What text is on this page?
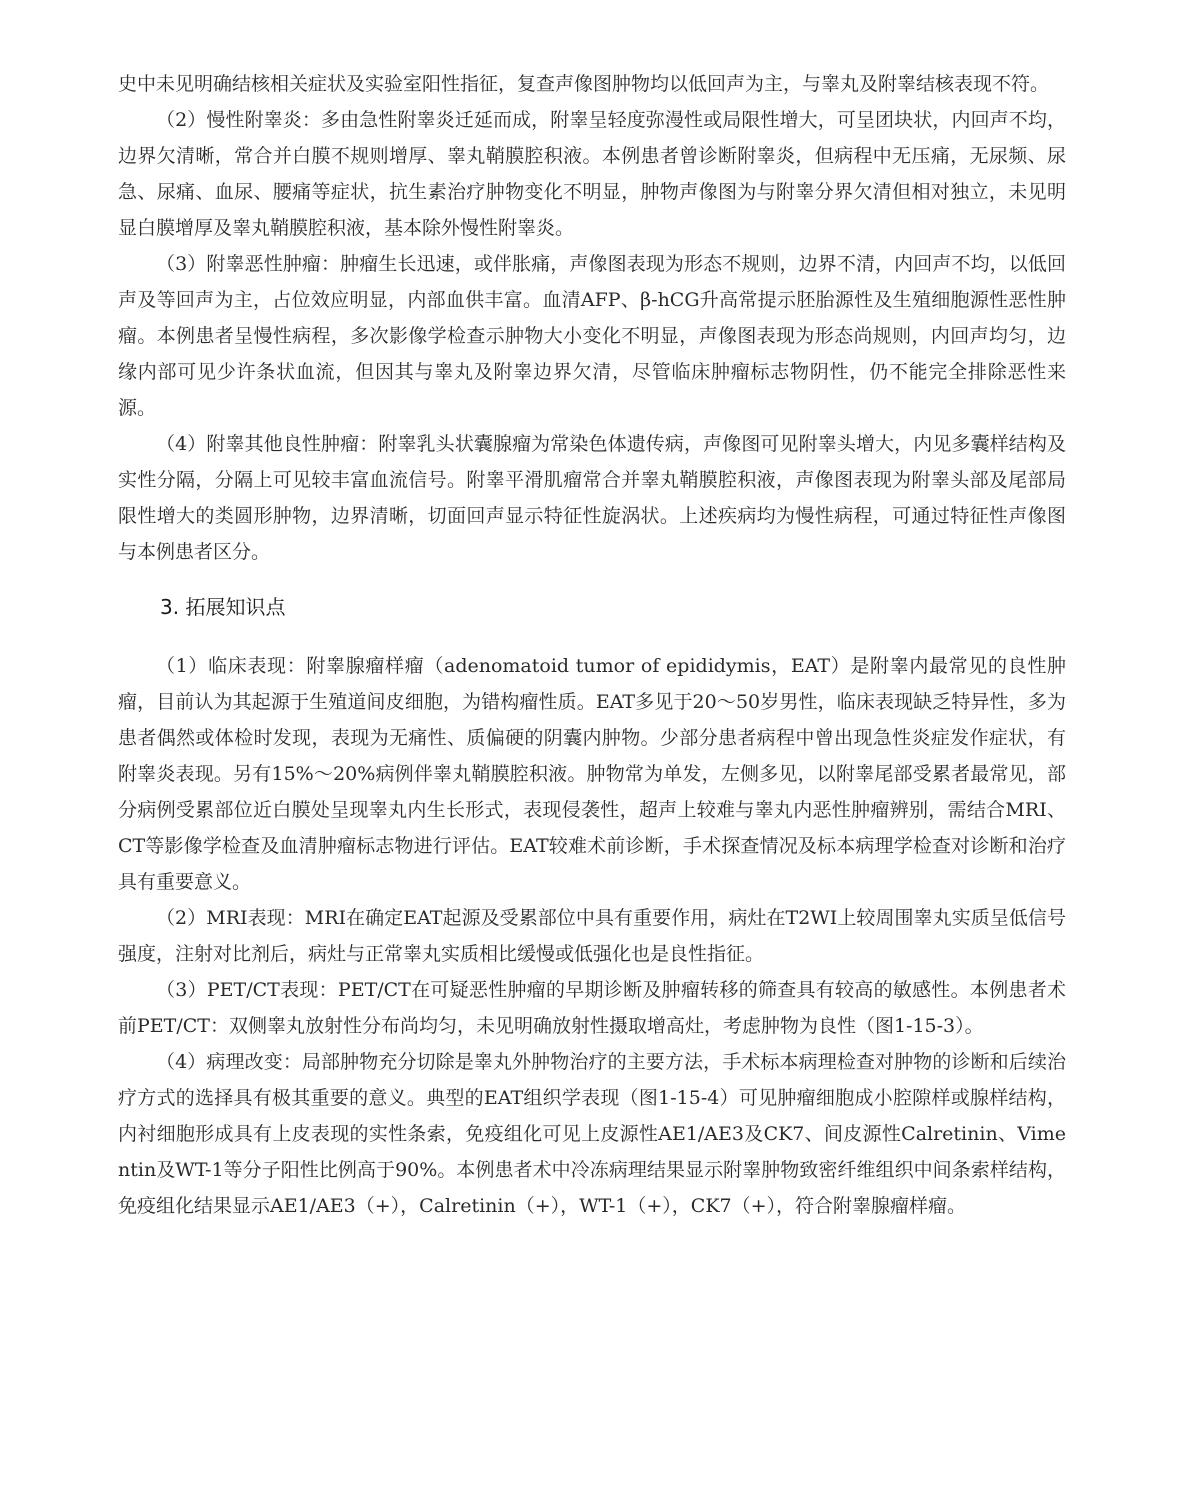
史中未见明确结核相关症状及实验室阳性指征，复查声像图肿物均以低回声为主，与睾丸及附睾结核表现不符。

（2）慢性附睾炎：多由急性附睾炎迁延而成，附睾呈轻度弥漫性或局限性增大，可呈团块状，内回声不均，边界欠清晰，常合并白膜不规则增厚、睾丸鞘膜腔积液。本例患者曾诊断附睾炎，但病程中无压痛，无尿频、尿急、尿痛、血尿、腰痛等症状，抗生素治疗肿物变化不明显，肿物声像图为与附睾分界欠清但相对独立，未见明显白膜增厚及睾丸鞘膜腔积液，基本除外慢性附睾炎。

（3）附睾恶性肿瘤：肿瘤生长迅速，或伴胀痛，声像图表现为形态不规则，边界不清，内回声不均，以低回声及等回声为主，占位效应明显，内部血供丰富。血清AFP、β-hCG升高常提示胚胎源性及生殖细胞源性恶性肿瘤。本例患者呈慢性病程，多次影像学检查示肿物大小变化不明显，声像图表现为形态尚规则，内回声均匀，边缘内部可见少许条状血流，但因其与睾丸及附睾边界欠清，尽管临床肿瘤标志物阴性，仍不能完全排除恶性来源。

（4）附睾其他良性肿瘤：附睾乳头状囊腺瘤为常染色体遗传病，声像图可见附睾头增大，内见多囊样结构及实性分隔，分隔上可见较丰富血流信号。附睾平滑肌瘤常合并睾丸鞘膜腔积液，声像图表现为附睾头部及尾部局限性增大的类圆形肿物，边界清晰，切面回声显示特征性旋涡状。上述疾病均为慢性病程，可通过特征性声像图与本例患者区分。

3. 拓展知识点

（1）临床表现：附睾腺瘤样瘤（adenomatoid tumor of epididymis，EAT）是附睾内最常见的良性肿瘤，目前认为其起源于生殖道间皮细胞，为错构瘤性质。EAT多见于20～50岁男性，临床表现缺乏特异性，多为患者偶然或体检时发现，表现为无痛性、质偏硬的阴囊内肿物。少部分患者病程中曾出现急性炎症发作症状，有附睾炎表现。另有15%～20%病例伴睾丸鞘膜腔积液。肿物常为单发，左侧多见，以附睾尾部受累者最常见，部分病例受累部位近白膜处呈现睾丸内生长形式，表现侵袭性，超声上较难与睾丸内恶性肿瘤辨别，需结合MRI、CT等影像学检查及血清肿瘤标志物进行评估。EAT较难术前诊断，手术探查情况及标本病理学检查对诊断和治疗具有重要意义。

（2）MRI表现：MRI在确定EAT起源及受累部位中具有重要作用，病灶在T2WI上较周围睾丸实质呈低信号强度，注射对比剂后，病灶与正常睾丸实质相比缓慢或低强化也是良性指征。

（3）PET/CT表现：PET/CT在可疑恶性肿瘤的早期诊断及肿瘤转移的筛查具有较高的敏感性。本例患者术前PET/CT：双侧睾丸放射性分布尚均匀，未见明确放射性摄取增高灶，考虑肿物为良性（图1-15-3）。

（4）病理改变：局部肿物充分切除是睾丸外肿物治疗的主要方法，手术标本病理检查对肿物的诊断和后续治疗方式的选择具有极其重要的意义。典型的EAT组织学表现（图1-15-4）可见肿瘤细胞成小腔隙样或腺样结构，内衬细胞形成具有上皮表现的实性条索，免疫组化可见上皮源性AE1/AE3及CK7、间皮源性Calretinin、Vimentin及WT-1等分子阳性比例高于90%。本例患者术中冷冻病理结果显示附睾肿物致密纤维组织中间条索样结构，免疫组化结果显示AE1/AE3（+），Calretinin（+），WT-1（+），CK7（+），符合附睾腺瘤样瘤。
